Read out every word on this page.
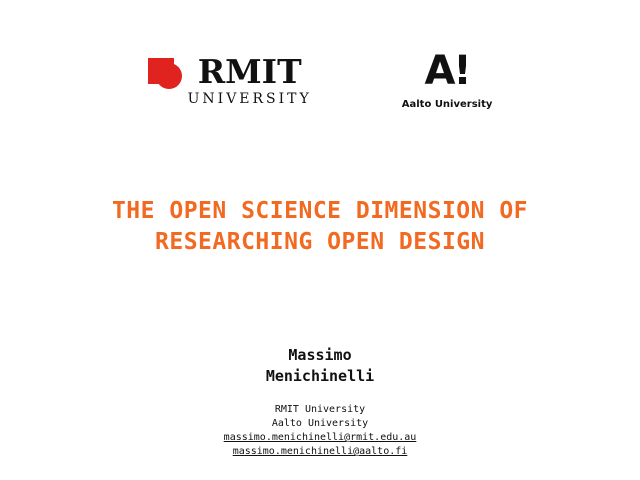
RMIT
UNIVERSITY
A!
Aalto University
THE OPEN SCIENCE DIMENSION OF RESEARCHING OPEN DESIGN
Massimo
Menichinelli
RMIT University
Aalto University
massimo.menichinelli@rmit.edu.au
massimo.menichinelli@aalto.fi
